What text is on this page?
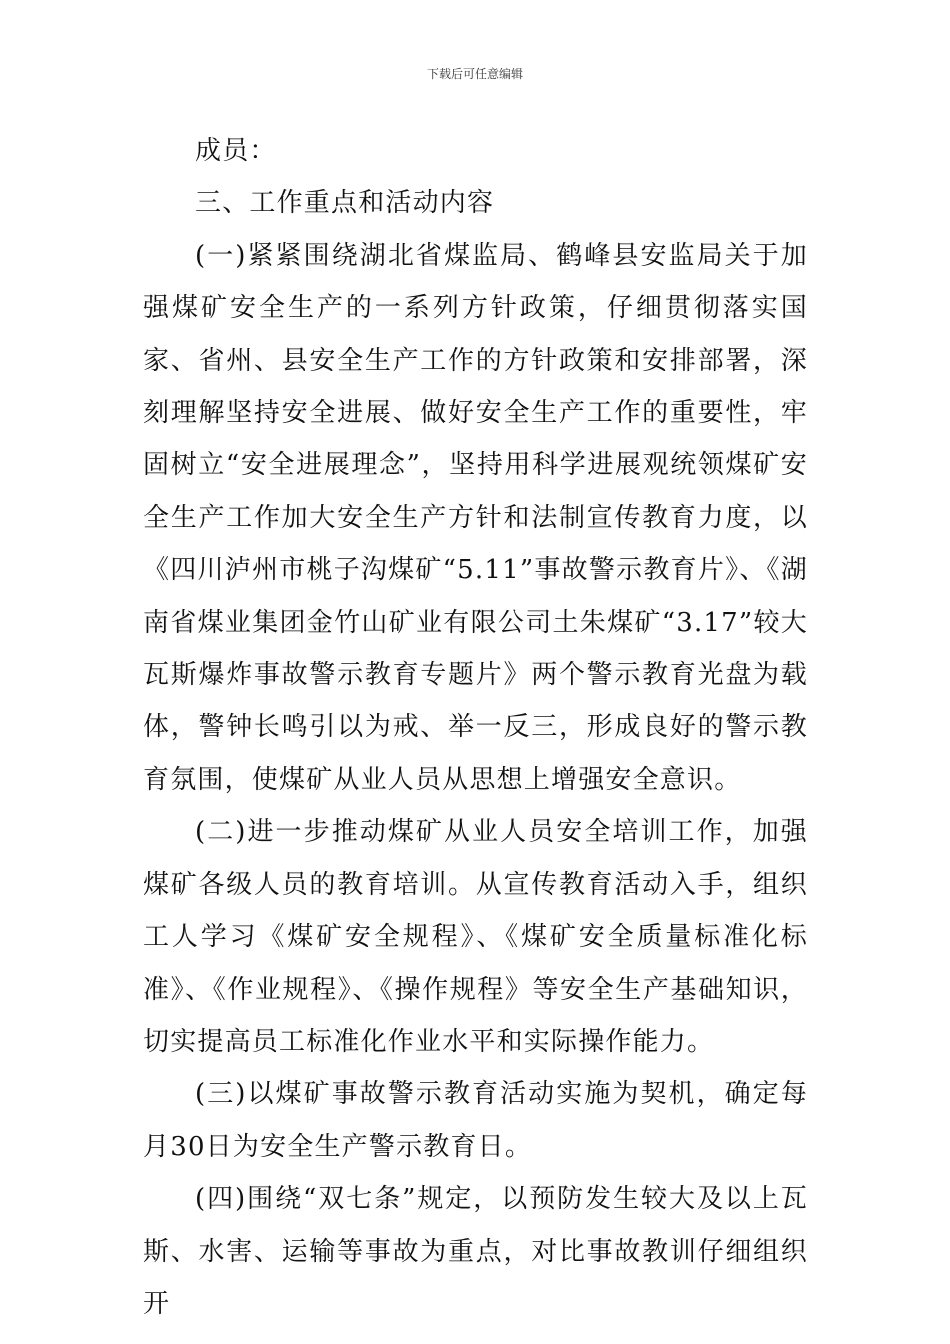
下载后可任意编辑

成员：

三、工作重点和活动内容

(一)紧紧围绕湖北省煤监局、鹤峰县安监局关于加强煤矿安全生产的一系列方针政策，仔细贯彻落实国家、省州、县安全生产工作的方针政策和安排部署，深刻理解坚持安全进展、做好安全生产工作的重要性，牢固树立“安全进展理念”，坚持用科学进展观统领煤矿安全生产工作加大安全生产方针和法制宣传教育力度，以《四川泸州市桃子沟煤矿“5.11”事故警示教育片》、《湖南省煤业集团金竹山矿业有限公司土朱煤矿“3.17”较大瓦斯爆炸事故警示教育专题片》两个警示教育光盘为载体，警钟长鸣引以为戒、举一反三，形成良好的警示教育氛围，使煤矿从业人员从思想上增强安全意识。

(二)进一步推动煤矿从业人员安全培训工作，加强煤矿各级人员的教育培训。从宣传教育活动入手，组织工人学习《煤矿安全规程》、《煤矿安全质量标准化标准》、《作业规程》、《操作规程》等安全生产基础知识，切实提高员工标准化作业水平和实际操作能力。

(三)以煤矿事故警示教育活动实施为契机，确定每月30日为安全生产警示教育日。

(四)围绕“双七条”规定，以预防发生较大及以上瓦斯、水害、运输等事故为重点，对比事故教训仔细组织开
